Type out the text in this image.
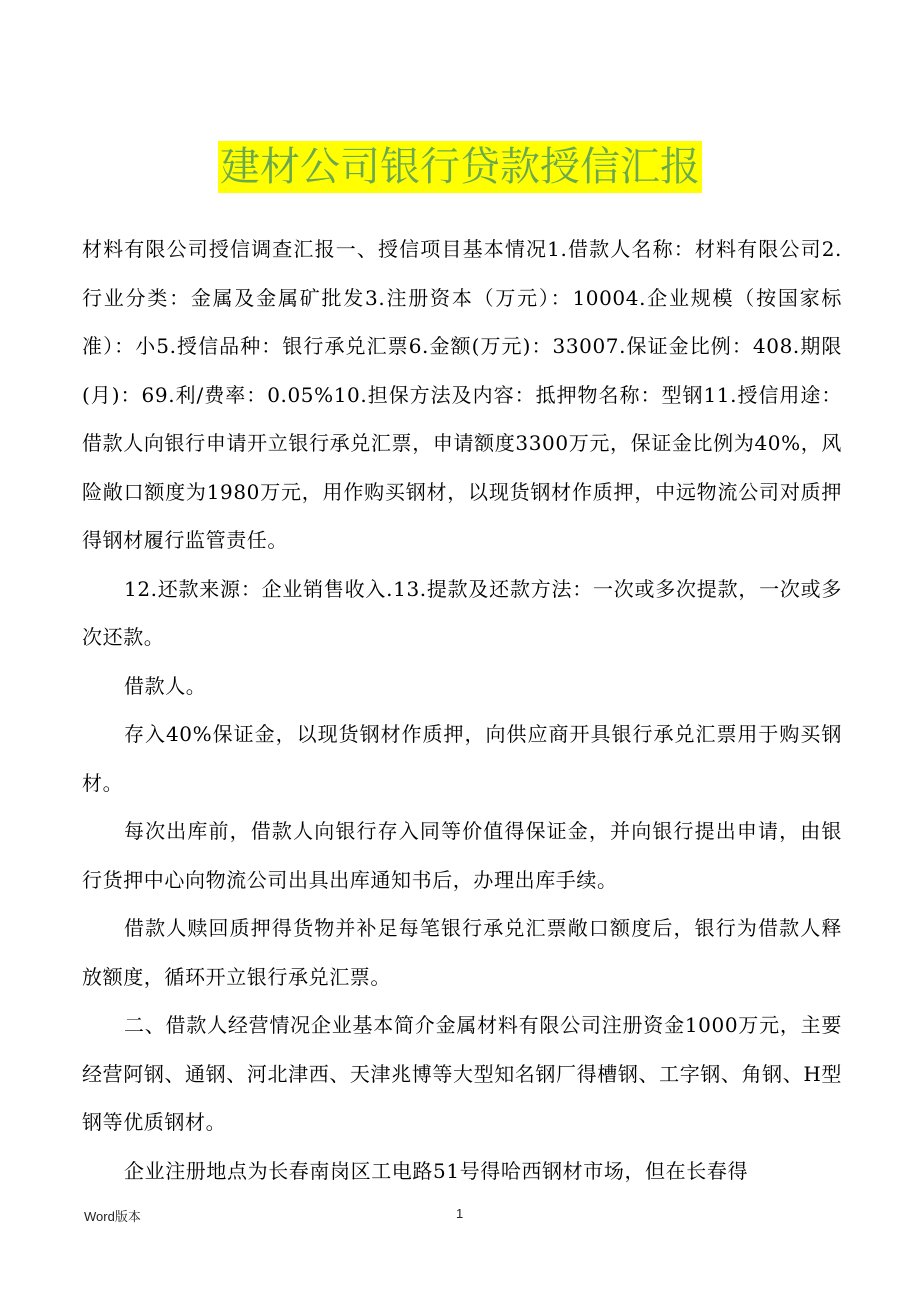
建材公司银行贷款授信汇报

材料有限公司授信调查汇报一、授信项目基本情况1.借款人名称：材料有限公司2.行业分类：金属及金属矿批发3.注册资本（万元）：10004.企业规模（按国家标准）：小5.授信品种：银行承兑汇票6.金额(万元)：33007.保证金比例：408.期限(月)：69.利/费率：0.05%10.担保方法及内容：抵押物名称：型钢11.授信用途：借款人向银行申请开立银行承兑汇票，申请额度3300万元，保证金比例为40%，风险敞口额度为1980万元，用作购买钢材，以现货钢材作质押，中远物流公司对质押得钢材履行监管责任。

12.还款来源：企业销售收入.13.提款及还款方法：一次或多次提款，一次或多次还款。

借款人。

存入40%保证金，以现货钢材作质押，向供应商开具银行承兑汇票用于购买钢材。

每次出库前，借款人向银行存入同等价值得保证金，并向银行提出申请，由银行货押中心向物流公司出具出库通知书后，办理出库手续。

借款人赎回质押得货物并补足每笔银行承兑汇票敞口额度后，银行为借款人释放额度，循环开立银行承兑汇票。

二、借款人经营情况企业基本简介金属材料有限公司注册资金1000万元，主要经营阿钢、通钢、河北津西、天津兆博等大型知名钢厂得槽钢、工字钢、角钢、H型钢等优质钢材。

企业注册地点为长春南岗区工电路51号得哈西钢材市场，但在长春得

Word版本	1
